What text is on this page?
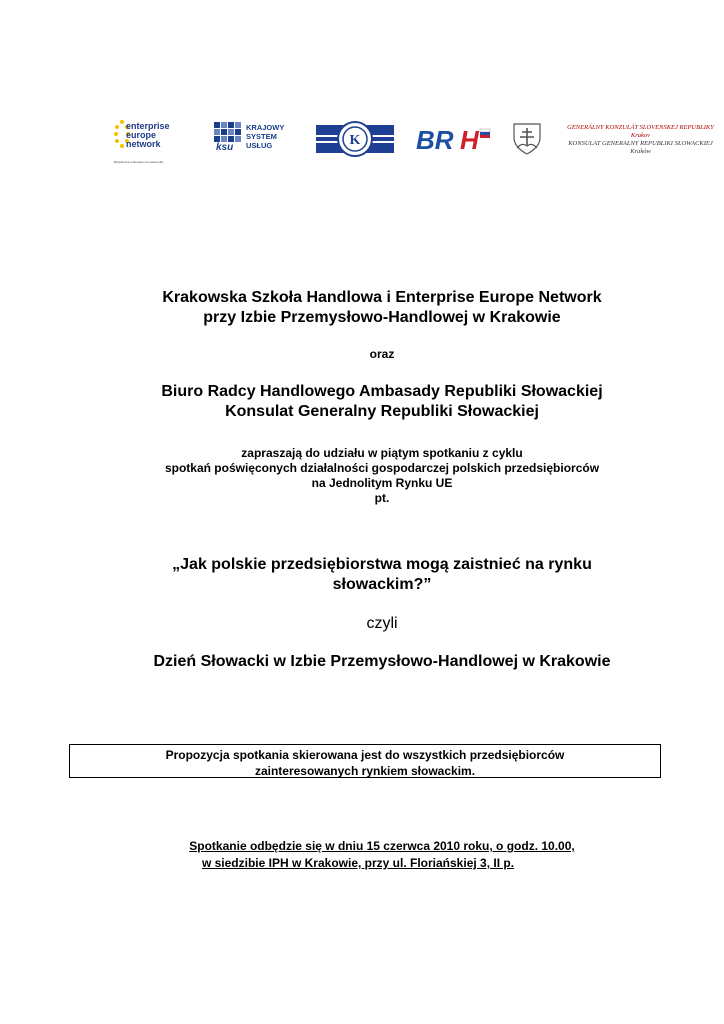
enterprise
europe
network
Bezpieczne w Europie za nasza tylko
KRAJOWY
SYSTEM
USŁUG
ksu	K BR H	GENERÁLNY KONZULÁT SLOVENSKEJ REPUBLIKY
Krakov
KONSULAT GENERALNY REPUBLIKI SŁOWACKIEJ
Kraków
Krakowska Szkoła Handlowa i Enterprise Europe Network
przy Izbie Przemysłowo-Handlowej w Krakowie
oraz
Biuro Radcy Handlowego Ambasady Republiki Słowackiej
Konsulat Generalny Republiki Słowackiej
zapraszają do udziału w piątym spotkaniu z cyklu
spotkań poświęconych działalności gospodarczej polskich przedsiębiorców
na Jednolitym Rynku UE
pt.
„Jak polskie przedsiębiorstwa mogą zaistnieć na rynku
słowackim?”
czyli
Dzień Słowacki w Izbie Przemysłowo-Handlowej w Krakowie
Propozycja spotkania skierowana jest do wszystkich przedsiębiorców
zainteresowanych rynkiem słowackim.
Spotkanie odbędzie się w dniu 15 czerwca 2010 roku, o godz. 10.00,
w siedzibie IPH w Krakowie, przy ul. Floriańskiej 3, II p.
